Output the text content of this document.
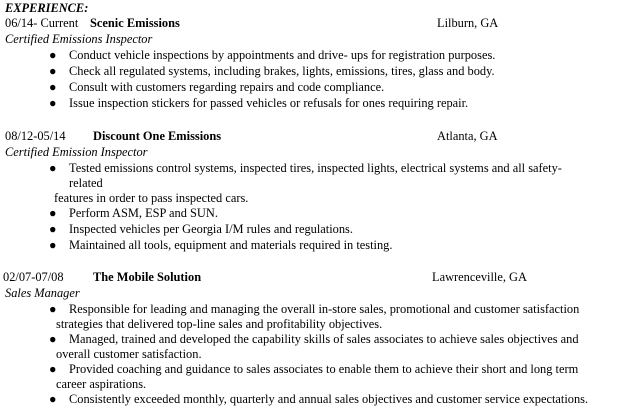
EXPERIENCE:
06/14- Current Scenic Emissions	Lilburn, GA
Certified Emissions Inspector
● Conduct vehicle inspections by appointments and drive- ups for registration purposes.
● Check all regulated systems, including brakes, lights, emissions, tires, glass and body.
● Consult with customers regarding repairs and code compliance.
● Issue inspection stickers for passed vehicles or refusals for ones requiring repair.
08/12-05/14 Discount One Emissions	Atlanta, GA
Certified Emission Inspector
● Tested emissions control systems, inspected tires, inspected lights, electrical systems and all safety-
related
features in order to pass inspected cars.
● Perform ASM, ESP and SUN.
● Inspected vehicles per Georgia I/M rules and regulations.
● Maintained all tools, equipment and materials required in testing.
02/07-07/08 The Mobile Solution	Lawrenceville, GA
Sales Manager
●	Responsible for leading and managing the overall in-store sales, promotional and customer satisfaction
strategies that delivered top-line sales and profitability objectives.
●	Managed, trained and developed the capability skills of sales associates to achieve sales objectives and
overall customer satisfaction.
●	Provided coaching and guidance to sales associates to enable them to achieve their short and long term
career aspirations.
●	Consistently exceeded monthly, quarterly and annual sales objectives and customer service expectations.
